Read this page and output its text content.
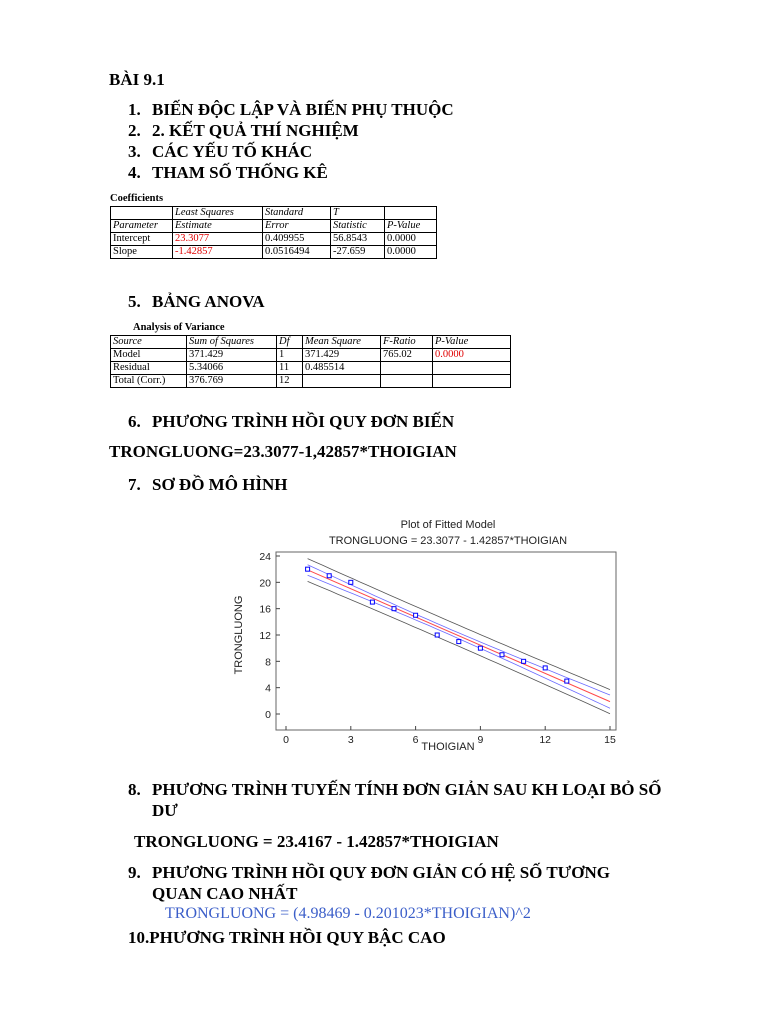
BÀI 9.1
1. BIẾN ĐỘC LẬP VÀ BIẾN PHỤ THUỘC
2. 2. KẾT QUẢ THÍ NGHIỆM
3. CÁC YẾU TỐ KHÁC
4. THAM SỐ THỐNG KÊ
Coefficients
	Least Squares	Standard	T	
Parameter	Estimate	Error	Statistic	P-Value
Intercept	23.3077	0.409955	56.8543	0.0000
Slope	-1.42857	0.0516494	-27.659	0.0000
5. BẢNG ANOVA
Analysis of Variance
Source	Sum of Squares	Df	Mean Square	F-Ratio	P-Value
Model	371.429	1	371.429	765.02	0.0000
Residual	5.34066	11	0.485514		
Total (Corr.)	376.769	12			
6. PHƯƠNG TRÌNH HỒI QUY ĐƠN BIẾN
TRONGLUONG=23.3077-1,42857*THOIGIAN
7. SƠ ĐỒ MÔ HÌNH
Plot of Fitted Model
TRONGLUONG = 23.3077 - 1.42857*THOIGIAN
0	3	6	9	12	15
0
4
8
12
16
20
24
THOIGIAN
TRONGLUONG
8. PHƯƠNG TRÌNH TUYẾN TÍNH ĐƠN GIẢN SAU KH LOẠI BỎ SỐ
DƯ
TRONGLUONG = 23.4167 - 1.42857*THOIGIAN
9. PHƯƠNG TRÌNH HỒI QUY ĐƠN GIẢN CÓ HỆ SỐ TƯƠNG
QUAN CAO NHẤT
TRONGLUONG = (4.98469 - 0.201023*THOIGIAN)^2
10.PHƯƠNG TRÌNH HỒI QUY BẬC CAO
